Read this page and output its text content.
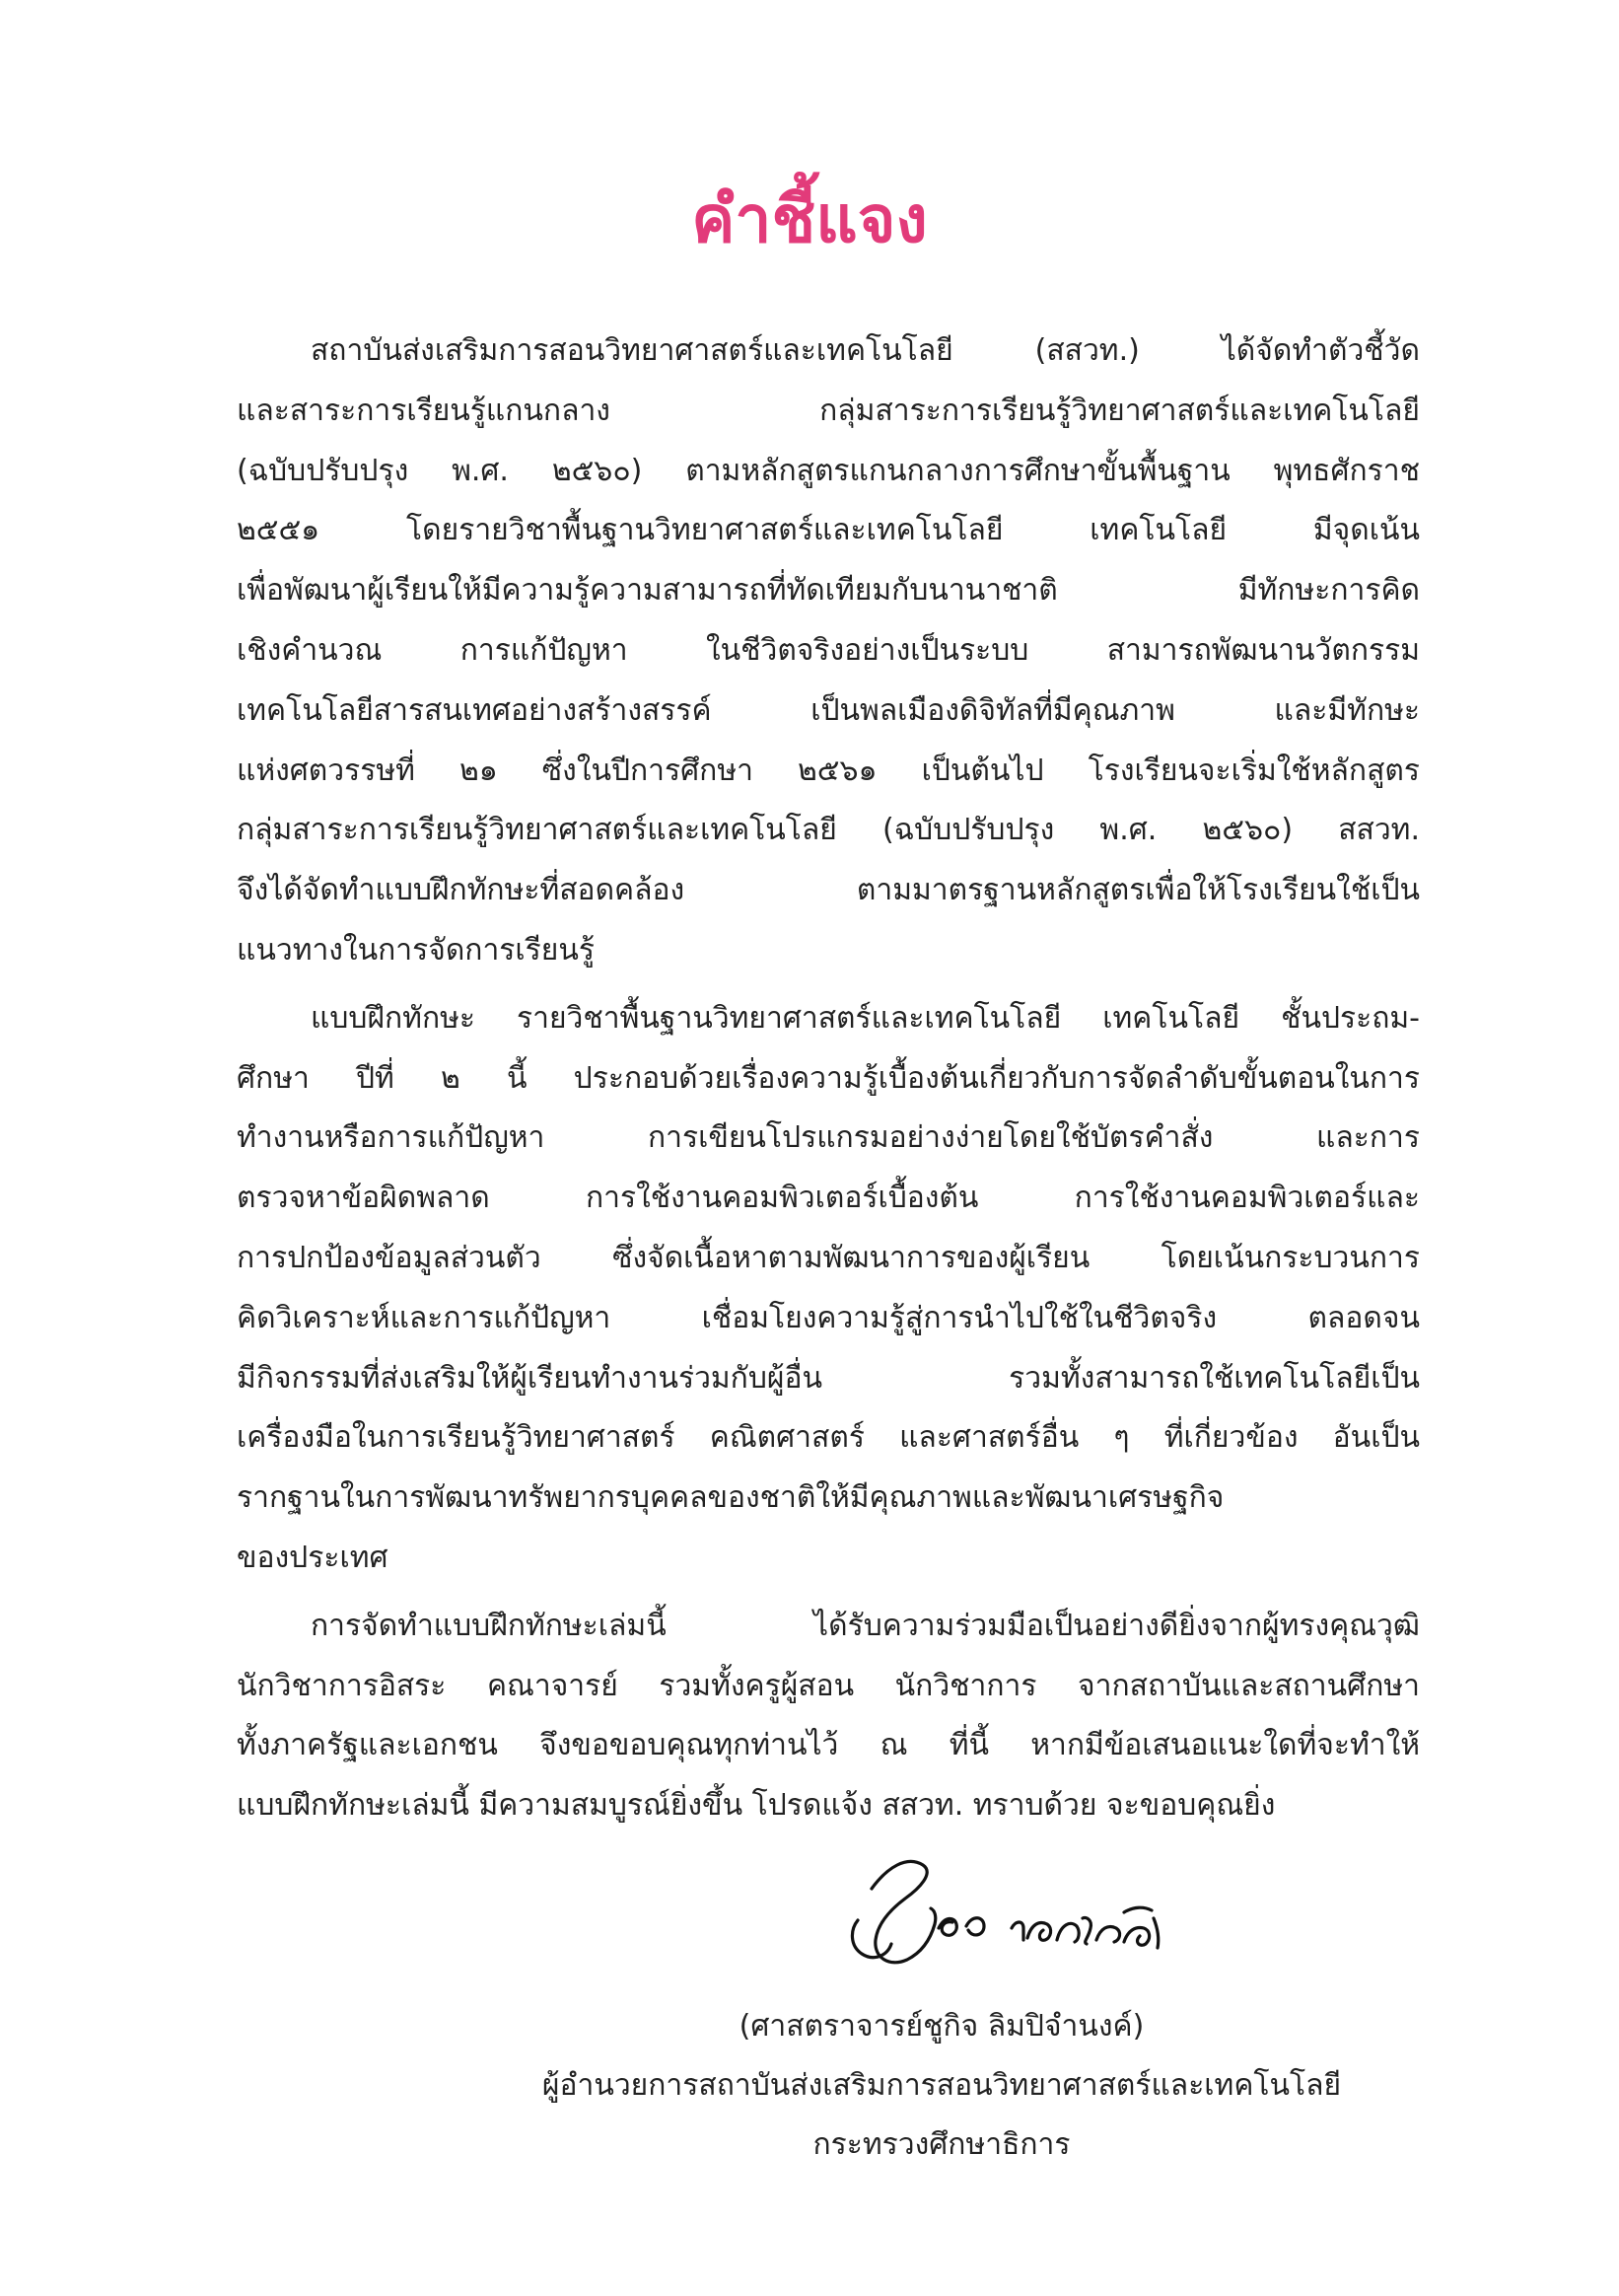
คำชี้แจง
สถาบันส่งเสริมการสอนวิทยาศาสตร์และเทคโนโลยี (สสวท.) ได้จัดทำตัวชี้วัด
และสาระการเรียนรู้แกนกลาง กลุ่มสาระการเรียนรู้วิทยาศาสตร์และเทคโนโลยี
(ฉบับปรับปรุง พ.ศ. ๒๕๖๐) ตามหลักสูตรแกนกลางการศึกษาขั้นพื้นฐาน พุทธศักราช
๒๕๕๑ โดยรายวิชาพื้นฐานวิทยาศาสตร์และเทคโนโลยี เทคโนโลยี มีจุดเน้น
เพื่อพัฒนาผู้เรียนให้มีความรู้ความสามารถที่ทัดเทียมกับนานาชาติ มีทักษะการคิด
เชิงคำนวณ การแก้ปัญหา ในชีวิตจริงอย่างเป็นระบบ สามารถพัฒนานวัตกรรม
เทคโนโลยีสารสนเทศอย่างสร้างสรรค์ เป็นพลเมืองดิจิทัลที่มีคุณภาพ และมีทักษะ
แห่งศตวรรษที่ ๒๑ ซึ่งในปีการศึกษา ๒๕๖๑ เป็นต้นไป โรงเรียนจะเริ่มใช้หลักสูตร
กลุ่มสาระการเรียนรู้วิทยาศาสตร์และเทคโนโลยี (ฉบับปรับปรุง พ.ศ. ๒๕๖๐) สสวท.
จึงได้จัดทำแบบฝึกทักษะที่สอดคล้อง ตามมาตรฐานหลักสูตรเพื่อให้โรงเรียนใช้เป็น
แนวทางในการจัดการเรียนรู้
แบบฝึกทักษะ รายวิชาพื้นฐานวิทยาศาสตร์และเทคโนโลยี เทคโนโลยี ชั้นประถม-
ศึกษา ปีที่ ๒ นี้ ประกอบด้วยเรื่องความรู้เบื้องต้นเกี่ยวกับการจัดลำดับขั้นตอนในการ
ทำงานหรือการแก้ปัญหา การเขียนโปรแกรมอย่างง่ายโดยใช้บัตรคำสั่ง และการ
ตรวจหาข้อผิดพลาด การใช้งานคอมพิวเตอร์เบื้องต้น การใช้งานคอมพิวเตอร์และ
การปกป้องข้อมูลส่วนตัว ซึ่งจัดเนื้อหาตามพัฒนาการของผู้เรียน โดยเน้นกระบวนการ
คิดวิเคราะห์และการแก้ปัญหา เชื่อมโยงความรู้สู่การนำไปใช้ในชีวิตจริง ตลอดจน
มีกิจกรรมที่ส่งเสริมให้ผู้เรียนทำงานร่วมกับผู้อื่น รวมทั้งสามารถใช้เทคโนโลยีเป็น
เครื่องมือในการเรียนรู้วิทยาศาสตร์ คณิตศาสตร์ และศาสตร์อื่น ๆ ที่เกี่ยวข้อง อันเป็น
รากฐานในการพัฒนาทรัพยากรบุคคลของชาติให้มีคุณภาพและพัฒนาเศรษฐกิจ
ของประเทศ
การจัดทำแบบฝึกทักษะเล่มนี้ ได้รับความร่วมมือเป็นอย่างดียิ่งจากผู้ทรงคุณวุฒิ
นักวิชาการอิสระ คณาจารย์ รวมทั้งครูผู้สอน นักวิชาการ จากสถาบันและสถานศึกษา
ทั้งภาครัฐและเอกชน จึงขอขอบคุณทุกท่านไว้ ณ ที่นี้ หากมีข้อเสนอแนะใดที่จะทำให้
แบบฝึกทักษะเล่มนี้ มีความสมบูรณ์ยิ่งขึ้น โปรดแจ้ง สสวท. ทราบด้วย จะขอบคุณยิ่ง
(ศาสตราจารย์ชูกิจ ลิมปิจำนงค์)
ผู้อำนวยการสถาบันส่งเสริมการสอนวิทยาศาสตร์และเทคโนโลยี
กระทรวงศึกษาธิการ
